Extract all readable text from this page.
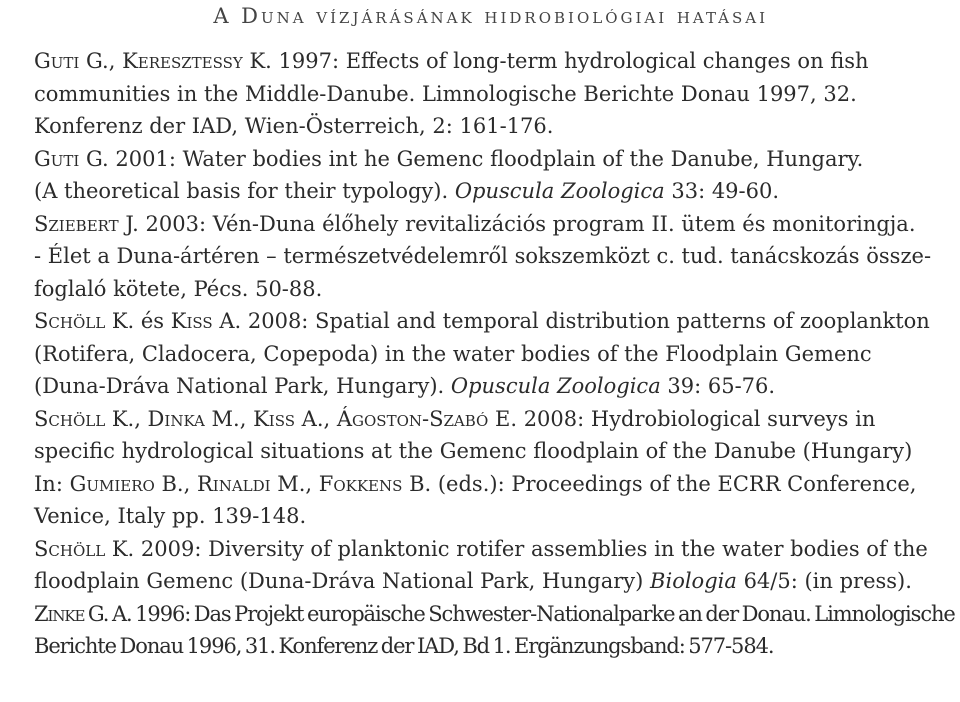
A Duna vízjárásának hidrobiológiai hatásai

Guti G., Keresztessy K. 1997: Effects of long-term hydrological changes on fish
communities in the Middle-Danube. Limnologische Berichte Donau 1997, 32.
Konferenz der IAD, Wien-Österreich, 2: 161-176.

Guti G. 2001: Water bodies int he Gemenc floodplain of the Danube, Hungary.
(A theoretical basis for their typology). Opuscula Zoologica 33: 49-60.

Sziebert J. 2003: Vén-Duna élőhely revitalizációs program II. ütem és monitoringja.
- Élet a Duna-ártéren – természetvédelemről sokszemközt c. tud. tanácskozás össze-
foglaló kötete, Pécs. 50-88.

Schöll K. és Kiss A. 2008: Spatial and temporal distribution patterns of zooplankton
(Rotifera, Cladocera, Copepoda) in the water bodies of the Floodplain Gemenc
(Duna-Dráva National Park, Hungary). Opuscula Zoologica 39: 65-76.

Schöll K., Dinka M., Kiss A., Ágoston-Szabó E. 2008: Hydrobiological surveys in
specific hydrological situations at the Gemenc floodplain of the Danube (Hungary)
In: Gumiero B., Rinaldi M., Fokkens B. (eds.): Proceedings of the ECRR Conference,
Venice, Italy pp. 139-148.

Schöll K. 2009: Diversity of planktonic rotifer assemblies in the water bodies of the
floodplain Gemenc (Duna-Dráva National Park, Hungary) Biologia 64/5: (in press).

Zinke G. A. 1996: Das Projekt europäische Schwester-Nationalparke an der Donau. Limnologische
Berichte Donau 1996, 31. Konferenz der IAD, Bd 1. Ergänzungsband: 577-584.
